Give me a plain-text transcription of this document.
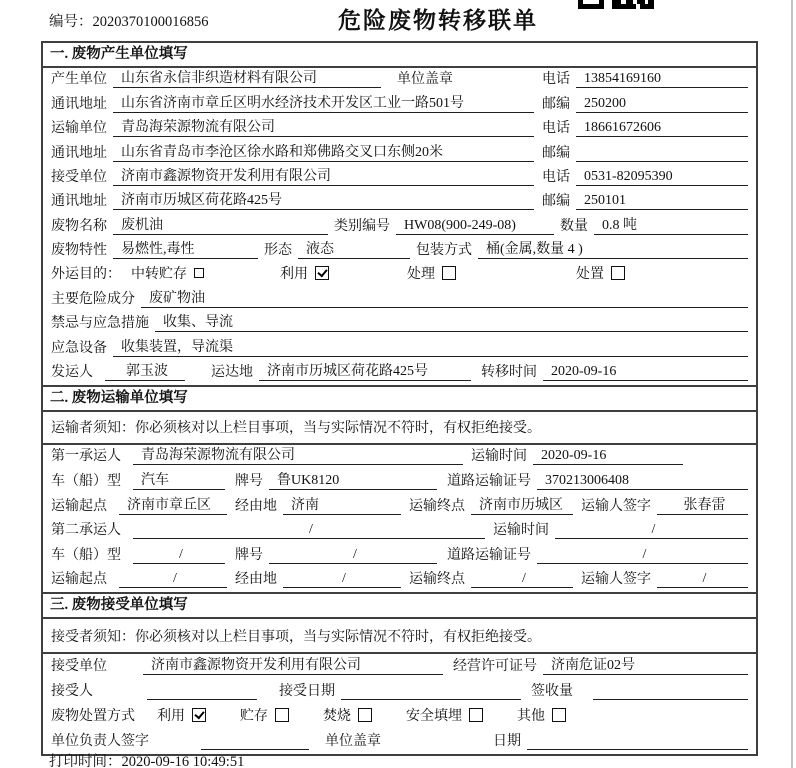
编号：2020370100016856	危险废物转移联单
一. 废物产生单位填写
产生单位	山东省永信非织造材料有限公司	单位盖章	电话	13854169160
通讯地址	山东省济南市章丘区明水经济技术开发区工业一路501号	邮编	250200
运输单位	青岛海荣源物流有限公司	电话	18661672606
通讯地址	山东省青岛市李沧区徐水路和郑佛路交叉口东侧20米	邮编
接受单位	济南市鑫源物资开发利用有限公司	电话	0531-82095390
通讯地址	济南市历城区荷花路425号	邮编	250101
废物名称	废机油	类别编号	HW08(900-249-08)	数量	0.8 吨
废物特性	易燃性,毒性	形态	液态	包装方式	桶(金属,数量 4 )
外运目的： 中转贮存	利用	处理	处置
主要危险成分	废矿物油
禁忌与应急措施	收集、导流
应急设备	收集装置，导流渠
发运人	郭玉波	运达地	济南市历城区荷花路425号	转移时间	2020-09-16
二. 废物运输单位填写
运输者须知：你必须核对以上栏目事项，当与实际情况不符时，有权拒绝接受。
第一承运人	青岛海荣源物流有限公司	运输时间	2020-09-16
车（船）型	汽车	牌号	鲁UK8120	道路运输证号	370213006408
运输起点	济南市章丘区	经由地	济南	运输终点	济南市历城区	运输人签字	张春雷
第二承运人	/	运输时间	/
车（船）型	/	牌号	/	道路运输证号	/
运输起点	/	经由地	/	运输终点	/	运输人签字	/
三. 废物接受单位填写
接受者须知：你必须核对以上栏目事项，当与实际情况不符时，有权拒绝接受。
接受单位	济南市鑫源物资开发利用有限公司	经营许可证号	济南危证02号
接受人	接受日期	签收量
废物处置方式	利用	贮存	焚烧	安全填埋	其他
单位负责人签字	单位盖章	日期
打印时间：2020-09-16 10:49:51
